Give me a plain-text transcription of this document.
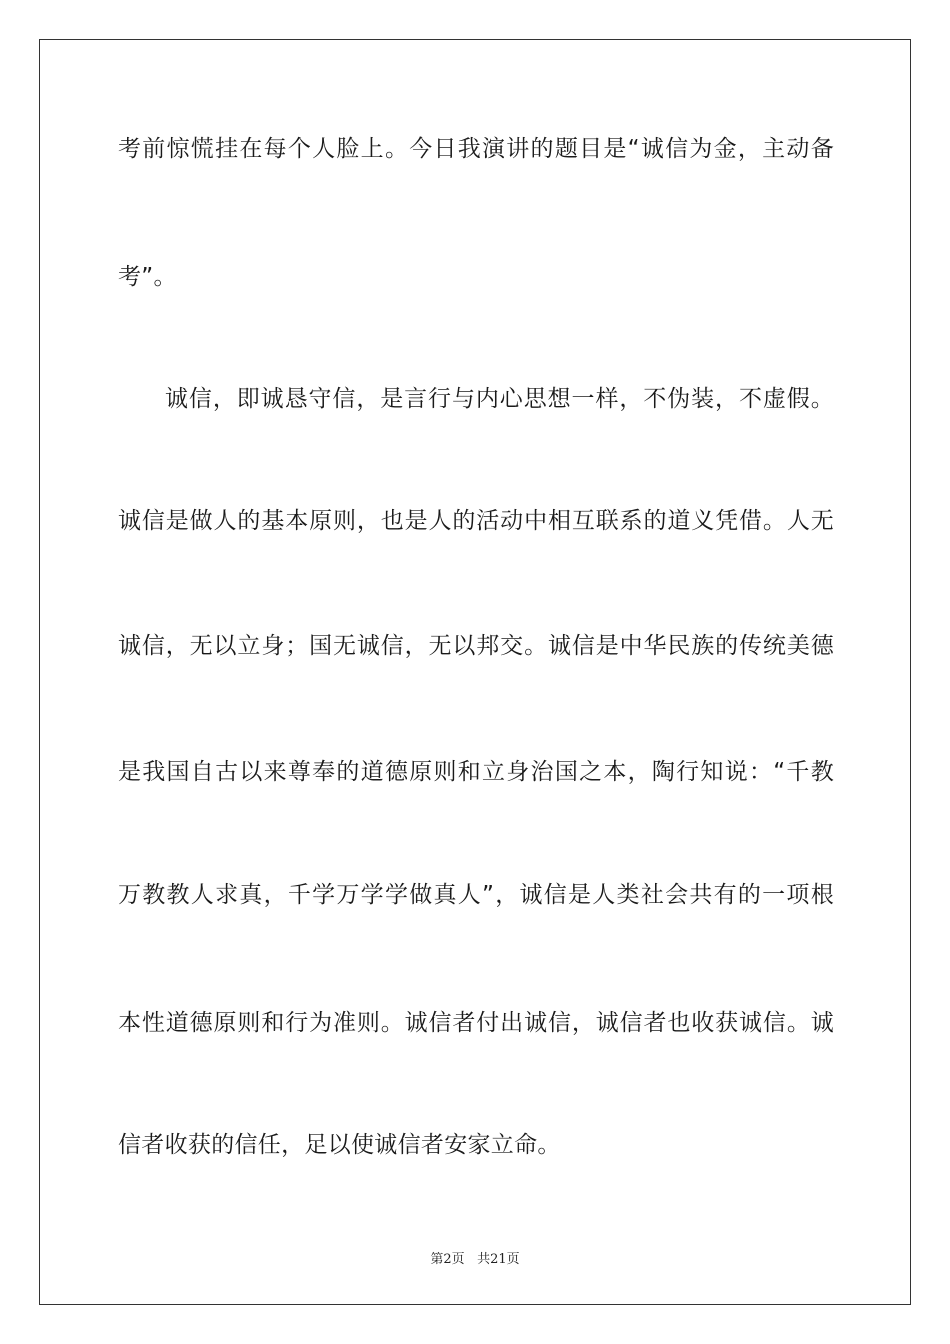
考前惊慌挂在每个人脸上。今日我演讲的题目是“诚信为金，主动备
考”。
诚信，即诚恳守信，是言行与内心思想一样，不伪装，不虚假。
诚信是做人的基本原则，也是人的活动中相互联系的道义凭借。人无
诚信，无以立身；国无诚信，无以邦交。诚信是中华民族的传统美德
是我国自古以来尊奉的道德原则和立身治国之本，陶行知说：“千教
万教教人求真，千学万学学做真人”，诚信是人类社会共有的一项根
本性道德原则和行为准则。诚信者付出诚信，诚信者也收获诚信。诚
信者收获的信任，足以使诚信者安家立命。
第2页 共21页
